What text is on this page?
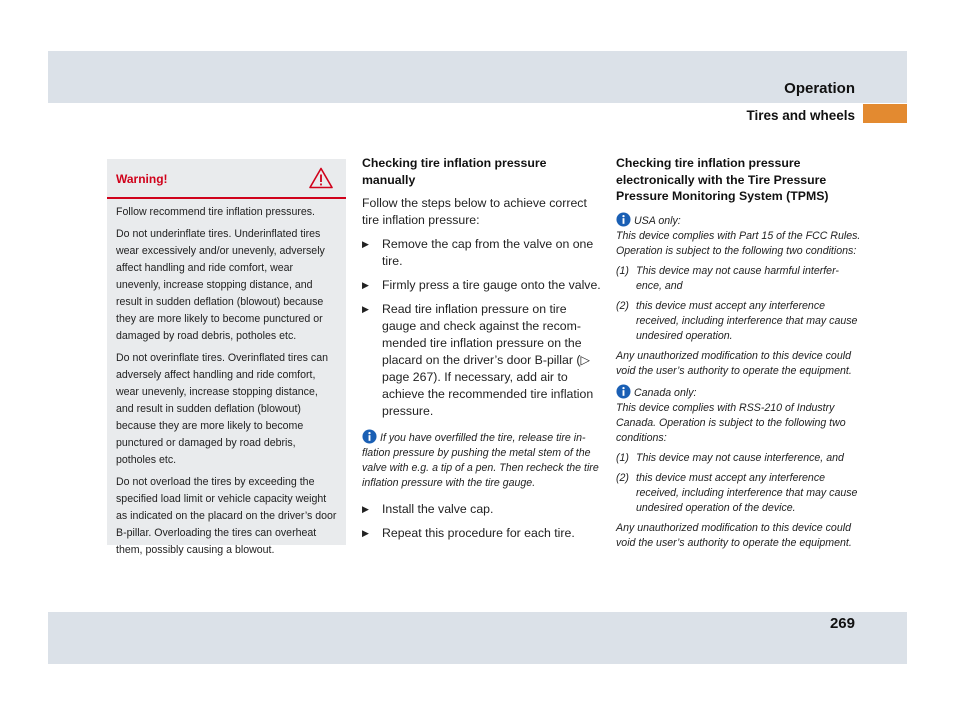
Operation
Tires and wheels
Warning!

Follow recommend tire inflation pressures.

Do not underinflate tires. Underinflated tires wear excessively and/or unevenly, adversely affect handling and ride comfort, wear unevenly, increase stopping distance, and result in sudden deflation (blowout) because they are more likely to become punctured or damaged by road debris, potholes etc.

Do not overinflate tires. Overinflated tires can adversely affect handling and ride comfort, wear unevenly, increase stopping distance, and result in sudden deflation (blowout) because they are more likely to become punctured or damaged by road debris, potholes etc.

Do not overload the tires by exceeding the specified load limit or vehicle capacity weight as indicated on the placard on the driver’s door B-pillar. Overloading the tires can overheat them, possibly causing a blowout.

Checking tire inflation pressure manually

Follow the steps below to achieve correct tire inflation pressure:

▶ Remove the cap from the valve on one tire.
▶ Firmly press a tire gauge onto the valve.
▶ Read tire inflation pressure on tire gauge and check against the recom-mended tire inflation pressure on the placard on the driver’s door B-pillar (▷ page 267). If necessary, add air to achieve the recommended tire inflation pressure.
If you have overfilled the tire, release tire in-flation pressure by pushing the metal stem of the valve with e.g. a tip of a pen. Then recheck the tire inflation pressure with the tire gauge.
▶ Install the valve cap.
▶ Repeat this procedure for each tire.
Checking tire inflation pressure electronically with the Tire Pressure Pressure Monitoring System (TPMS)
USA only:

This device complies with Part 15 of the FCC Rules. Operation is subject to the following two conditions:

(1) This device may not cause harmful interfer-ence, and
(2) this device must accept any interference received, including interference that may cause undesired operation.

Any unauthorized modification to this device could void the user’s authority to operate the equipment.

Canada only:

This device complies with RSS-210 of Industry Canada. Operation is subject to the following two conditions:

(1) This device may not cause interference, and
(2) this device must accept any interference received, including interference that may cause undesired operation of the device.

Any unauthorized modification to this device could void the user’s authority to operate the equipment.

269
